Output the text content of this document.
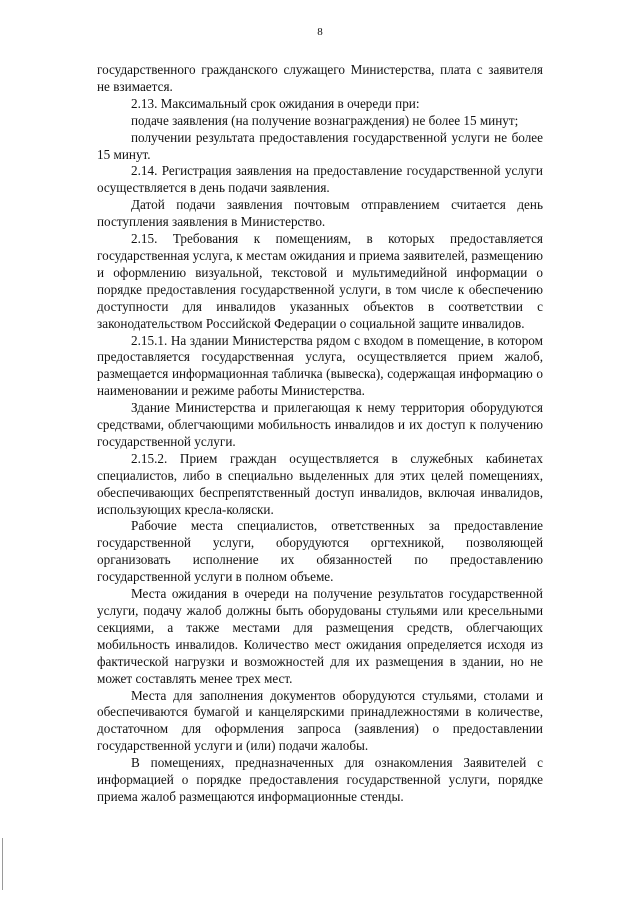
8

государственного гражданского служащего Министерства, плата с заявителя не взимается.

2.13. Максимальный срок ожидания в очереди при:

подаче заявления (на получение вознаграждения) не более 15 минут;

получении результата предоставления государственной услуги не более 15 минут.

2.14. Регистрация заявления на предоставление государственной услуги осуществляется в день подачи заявления.

Датой подачи заявления почтовым отправлением считается день поступления заявления в Министерство.

2.15. Требования к помещениям, в которых предоставляется государственная услуга, к местам ожидания и приема заявителей, размещению и оформлению визуальной, текстовой и мультимедийной информации о порядке предоставления государственной услуги, в том числе к обеспечению доступности для инвалидов указанных объектов в соответствии с законодательством Российской Федерации о социальной защите инвалидов.

2.15.1. На здании Министерства рядом с входом в помещение, в котором предоставляется государственная услуга, осуществляется прием жалоб, размещается информационная табличка (вывеска), содержащая информацию о наименовании и режиме работы Министерства.

Здание Министерства и прилегающая к нему территория оборудуются средствами, облегчающими мобильность инвалидов и их доступ к получению государственной услуги.

2.15.2. Прием граждан осуществляется в служебных кабинетах специалистов, либо в специально выделенных для этих целей помещениях, обеспечивающих беспрепятственный доступ инвалидов, включая инвалидов, использующих кресла-коляски.

Рабочие места специалистов, ответственных за предоставление государственной услуги, оборудуются оргтехникой, позволяющей организовать исполнение их обязанностей по предоставлению государственной услуги в полном объеме.

Места ожидания в очереди на получение результатов государственной услуги, подачу жалоб должны быть оборудованы стульями или кресельными секциями, а также местами для размещения средств, облегчающих мобильность инвалидов. Количество мест ожидания определяется исходя из фактической нагрузки и возможностей для их размещения в здании, но не может составлять менее трех мест.

Места для заполнения документов оборудуются стульями, столами и обеспечиваются бумагой и канцелярскими принадлежностями в количестве, достаточном для оформления запроса (заявления) о предоставлении государственной услуги и (или) подачи жалобы.

В помещениях, предназначенных для ознакомления Заявителей с информацией о порядке предоставления государственной услуги, порядке приема жалоб размещаются информационные стенды.
